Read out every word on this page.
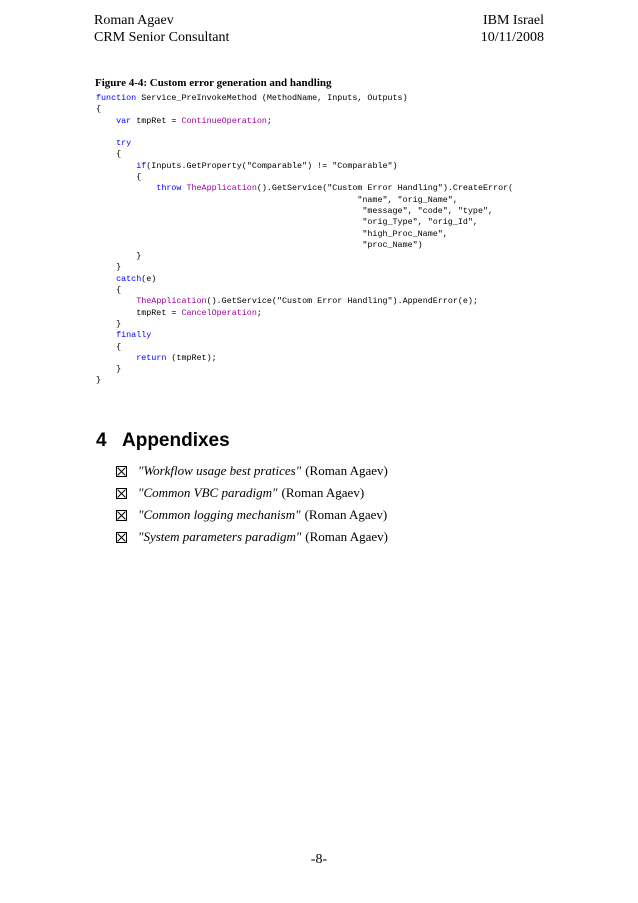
Roman Agaev
CRM Senior Consultant
IBM Israel
10/11/2008
Figure 4-4: Custom error generation and handling
function Service_PreInvokeMethod (MethodName, Inputs, Outputs)
{
var tmpRet = ContinueOperation;

try
{
if(Inputs.GetProperty("Comparable") != "Comparable")
{
throw TheApplication().GetService("Custom Error Handling").CreateError(
"name", "orig_Name",
"message", "code", "type",
"orig_Type", "orig_Id",
"high_Proc_Name",
"proc_Name")
}
}
catch(e)
{
TheApplication().GetService("Custom Error Handling").AppendError(e);
tmpRet = CancelOperation;
}
finally
{
return (tmpRet);
}
}
4 Appendixes
"Workflow usage best pratices" (Roman Agaev)
"Common VBC paradigm" (Roman Agaev)
"Common logging mechanism" (Roman Agaev)
"System parameters paradigm" (Roman Agaev)
-8-
